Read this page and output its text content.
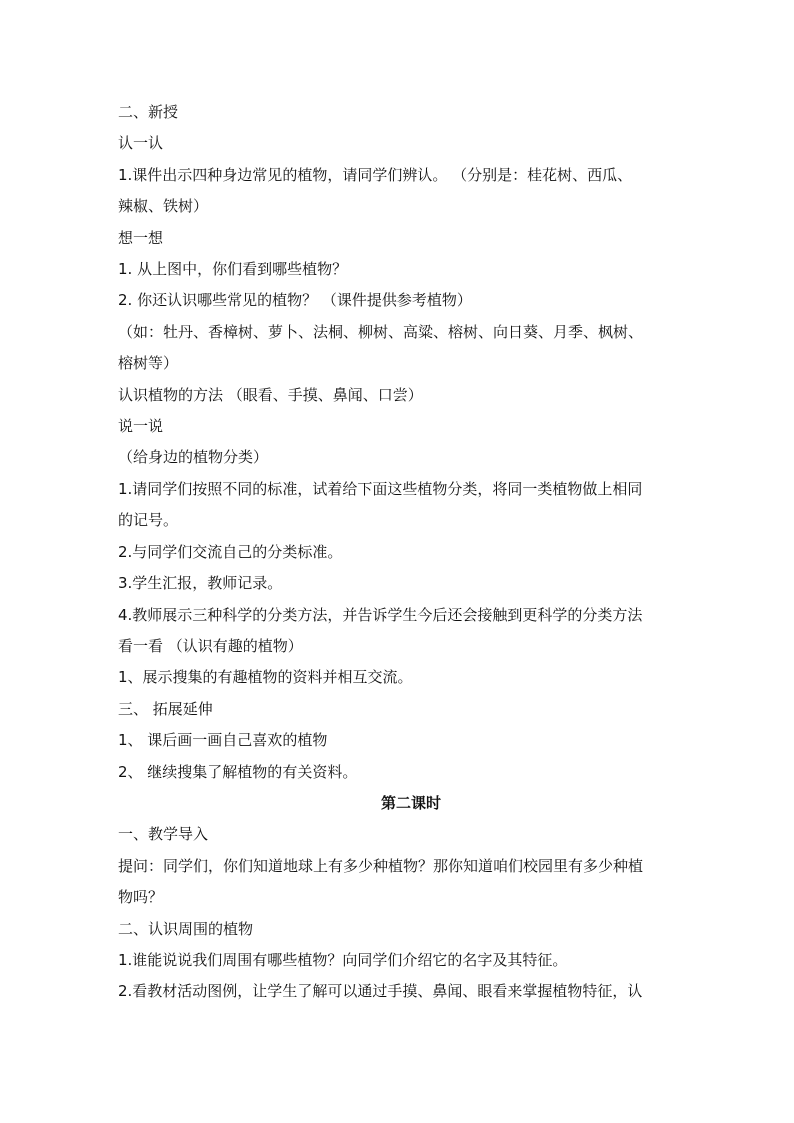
二、新授

认一认

1.课件出示四种身边常见的植物，请同学们辨认。 （分别是：桂花树、西瓜、

辣椒、铁树）

想一想

1. 从上图中，你们看到哪些植物？

2. 你还认识哪些常见的植物？ （课件提供参考植物）

（如：牡丹、香樟树、萝卜、法桐、柳树、高粱、榕树、向日葵、月季、枫树、

榕树等）

认识植物的方法 （眼看、手摸、鼻闻、口尝）

说一说

（给身边的植物分类）

1.请同学们按照不同的标准，试着给下面这些植物分类，将同一类植物做上相同

的记号。

2.与同学们交流自己的分类标准。

3.学生汇报，教师记录。

4.教师展示三种科学的分类方法，并告诉学生今后还会接触到更科学的分类方法

看一看 （认识有趣的植物）

1、展示搜集的有趣植物的资料并相互交流。

三、 拓展延伸

1、 课后画一画自己喜欢的植物

2、 继续搜集了解植物的有关资料。

第二课时

一、教学导入

提问：同学们，你们知道地球上有多少种植物？那你知道咱们校园里有多少种植

物吗？

二、认识周围的植物

1.谁能说说我们周围有哪些植物？向同学们介绍它的名字及其特征。

2.看教材活动图例，让学生了解可以通过手摸、鼻闻、眼看来掌握植物特征，认
